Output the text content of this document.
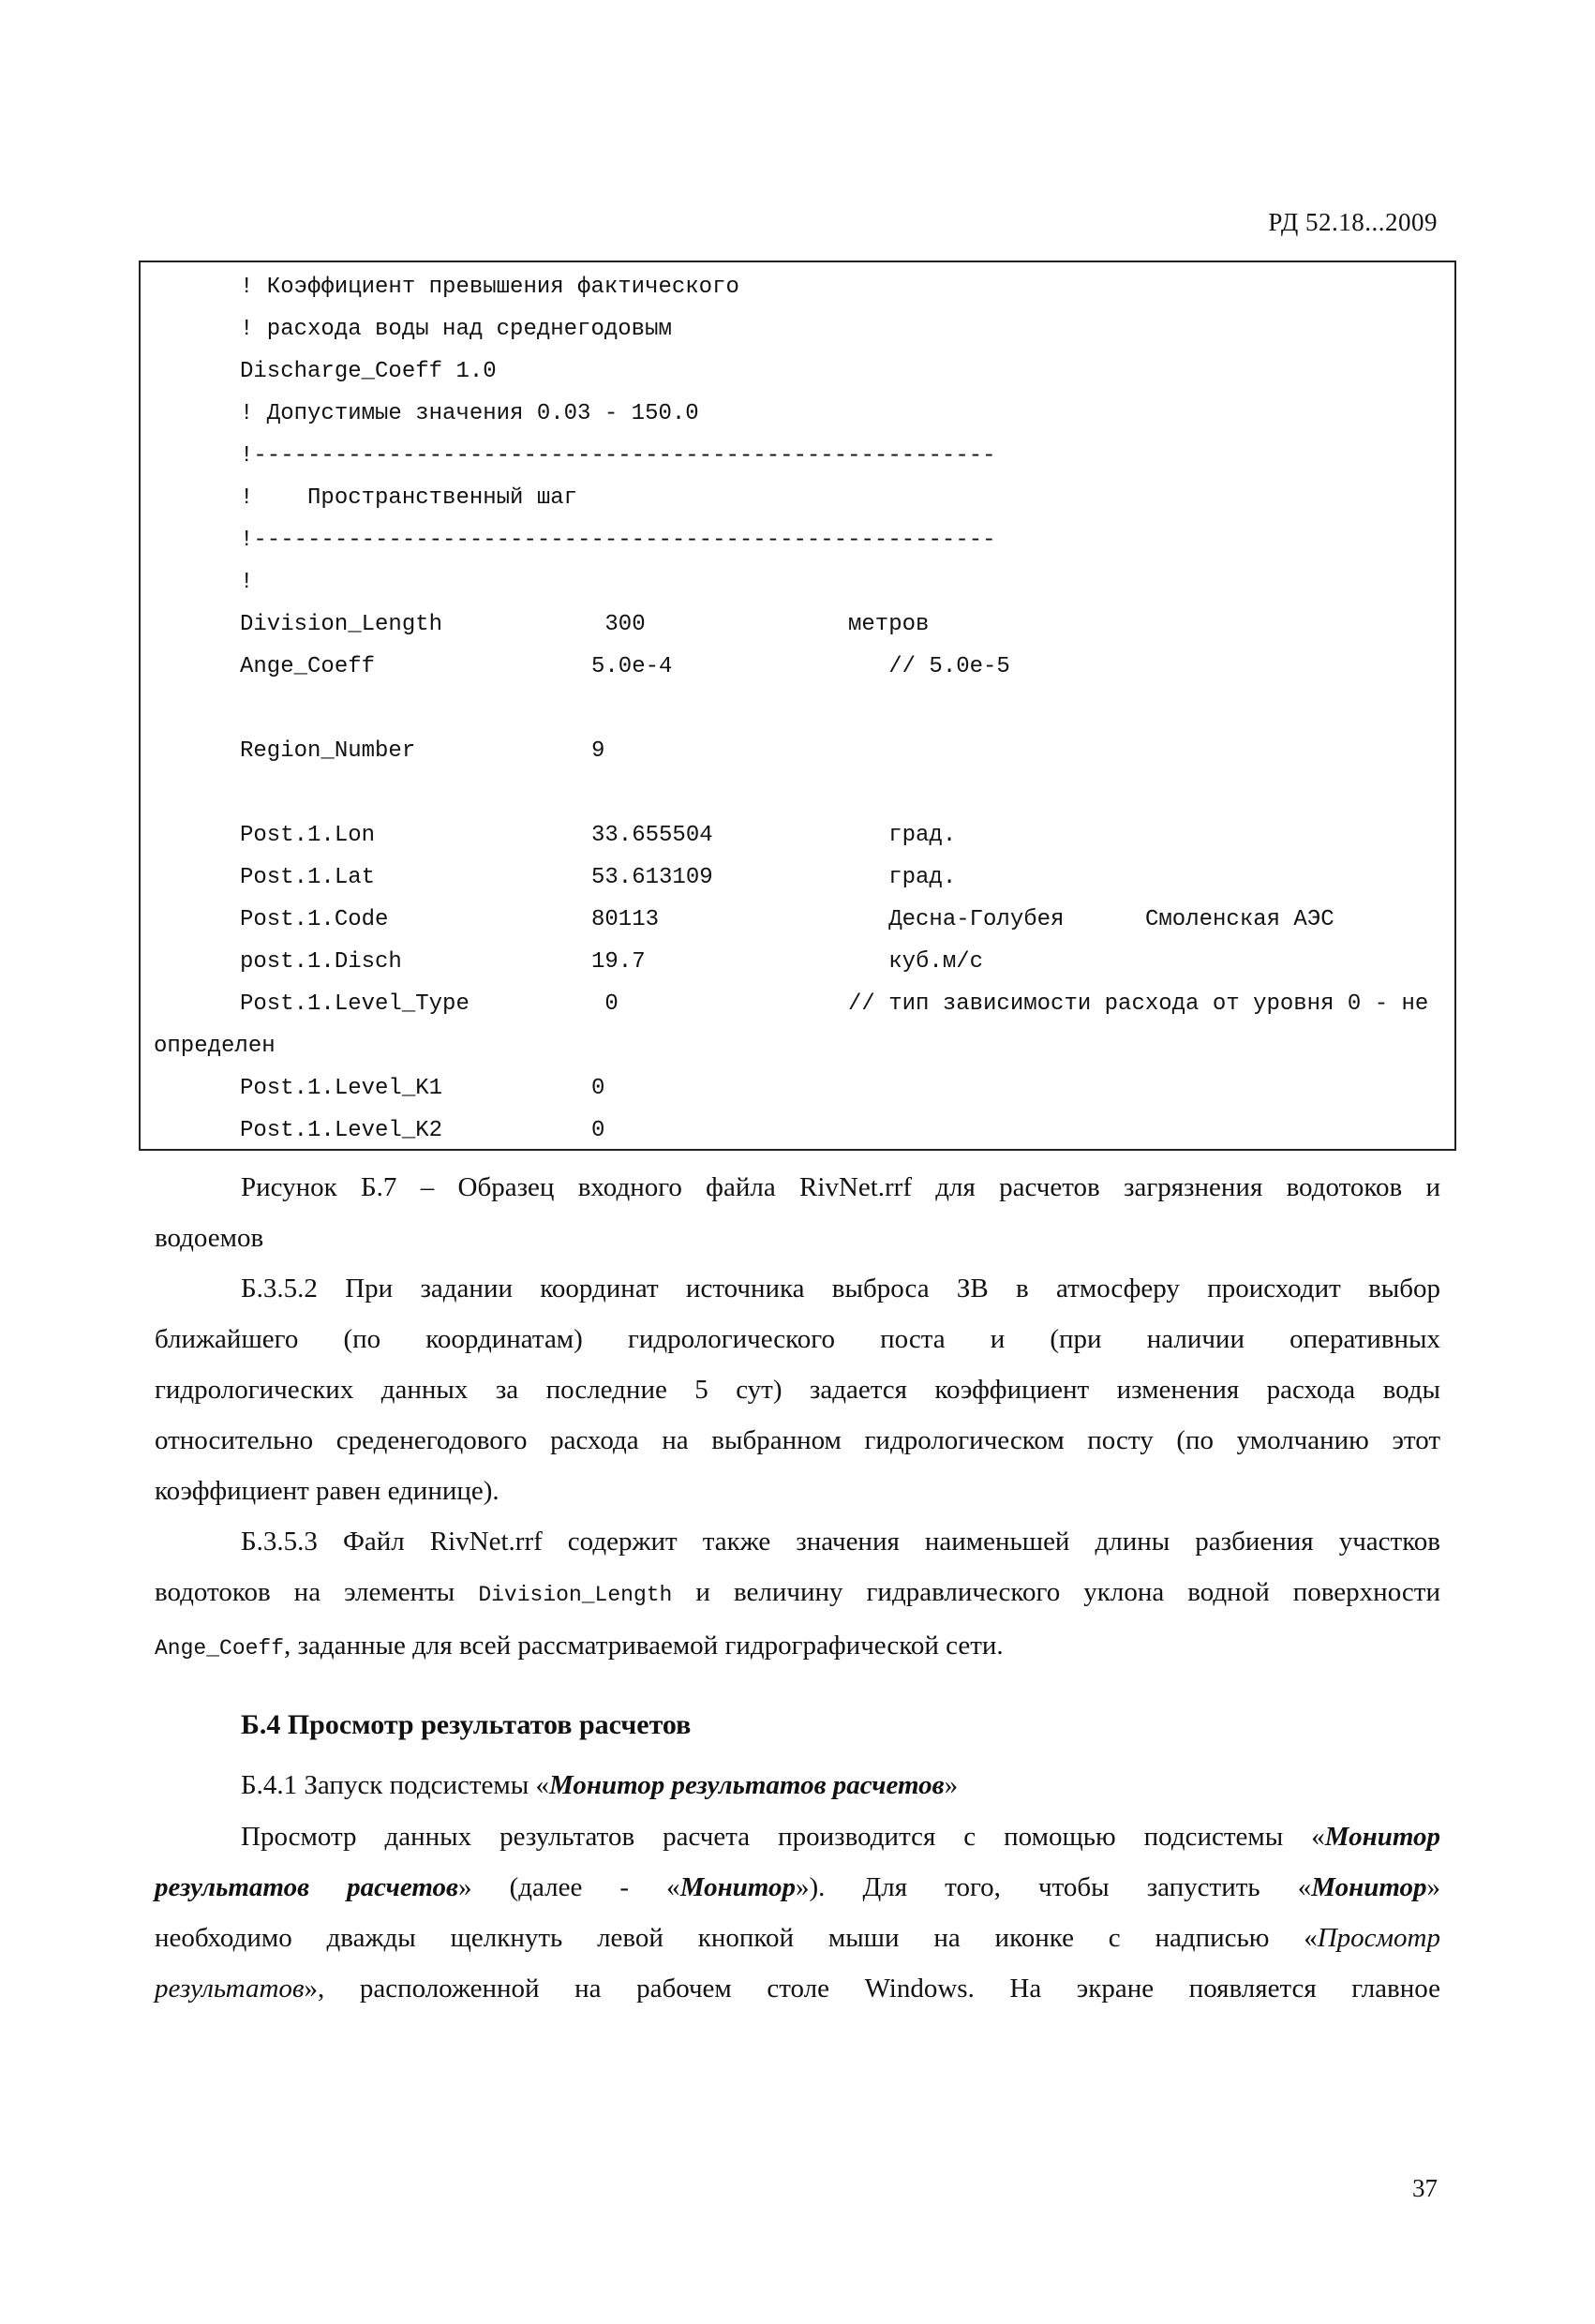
РД 52.18...2009
! Коэффициент превышения фактического
! расхода воды над среднегодовым
Discharge_Coeff 1.0
! Допустимые значения 0.03 - 150.0
!-------------------------------------------------------
!    Пространственный шаг
!-------------------------------------------------------
!
Division_Length	300	метров
Ange_Coeff	5.0e-4	// 5.0e-5
Region_Number	9
Post.1.Lon	33.655504	град.
Post.1.Lat	53.613109	град.
Post.1.Code	80113	Десна-Голубея	Смоленская АЭС
post.1.Disch	19.7	куб.м/с
Post.1.Level_Type	0	// тип зависимости расхода от уровня 0 - не
определен
Post.1.Level_K1	0
Post.1.Level_K2	0
Рисунок Б.7 – Образец входного файла RivNet.rrf для расчетов загрязнения водотоков и
водоемов
Б.3.5.2 При задании координат источника выброса ЗВ в атмосферу происходит выбор
ближайшего (по координатам) гидрологического поста и (при наличии оперативных
гидрологических данных за последние 5 сут) задается коэффициент изменения расхода воды
относительно среденегодового расхода на выбранном гидрологическом посту (по умолчанию этот
коэффициент равен единице).
Б.3.5.3 Файл RivNet.rrf содержит также значения наименьшей длины разбиения участков
водотоков на элементы Division_Length и величину гидравлического уклона водной поверхности
Ange_Coeff, заданные для всей рассматриваемой гидрографической сети.
Б.4 Просмотр результатов расчетов
Б.4.1 Запуск подсистемы «Монитор результатов расчетов»
Просмотр данных результатов расчета производится с помощью подсистемы «Монитор
результатов расчетов» (далее - «Монитор»). Для того, чтобы запустить «Монитор»
необходимо дважды щелкнуть левой кнопкой мыши на иконке с надписью «Просмотр
результатов», расположенной на рабочем столе Windows. На экране появляется главное
37
